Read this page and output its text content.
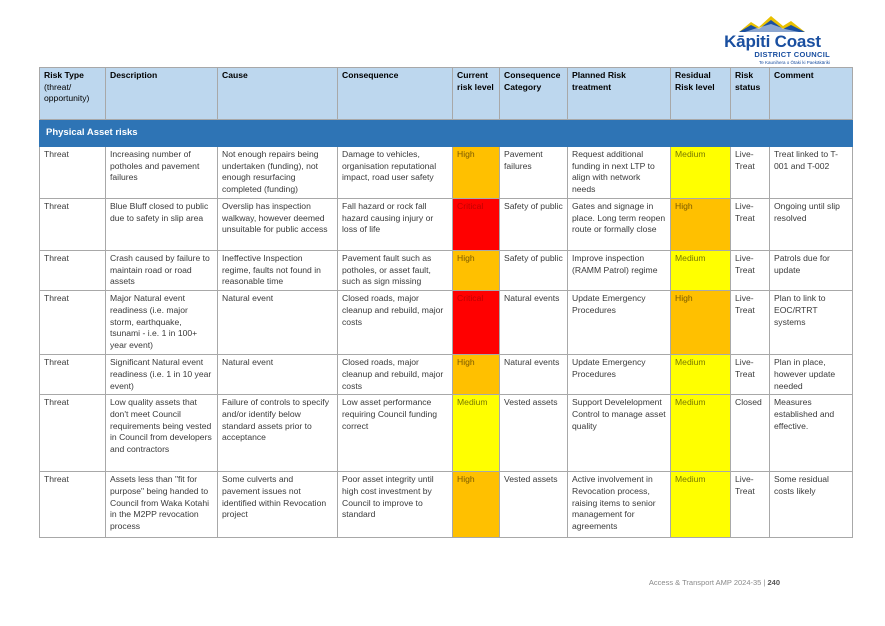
Kāpiti Coast
DISTRICT COUNCIL
Te Kaunihera o Ōtaki ki Paekākāriki
Risk Type
(threat/ opportunity)	Description	Cause	Consequence	Current risk level	Consequence Category	Planned Risk treatment	Residual Risk level	Risk status	Comment
Physical Asset risks									
Threat	Increasing number of potholes and pavement failures	Not enough repairs being undertaken (funding), not enough resurfacing completed (funding)	Damage to vehicles, organisation reputational impact, road user safety	High	Pavement failures	Request additional funding in next LTP to align with network needs	Medium	Live-Treat	Treat linked to T-001 and T-002
Threat	Blue Bluff closed to public due to safety in slip area	Overslip has inspection walkway, however deemed unsuitable for public access	Fall hazard or rock fall hazard causing injury or loss of life	Critical	Safety of public	Gates and signage in place. Long term reopen route or formally close	High	Live-Treat	Ongoing until slip resolved
Threat	Crash caused by failure to maintain road or road assets	Ineffective Inspection regime, faults not found in reasonable time	Pavement fault such as potholes, or asset fault, such as sign missing	High	Safety of public	Improve inspection (RAMM Patrol) regime	Medium	Live-Treat	Patrols due for update
Threat	Major Natural event readiness (i.e. major storm, earthquake, tsunami - i.e. 1 in 100+ year event)	Natural event	Closed roads, major cleanup and rebuild, major costs	Critical	Natural events	Update Emergency Procedures	High	Live-Treat	Plan to link to EOC/RTRT systems
Threat	Significant Natural event readiness (i.e. 1 in 10 year event)	Natural event	Closed roads, major cleanup and rebuild, major costs	High	Natural events	Update Emergency Procedures	Medium	Live-Treat	Plan in place, however update needed
Threat	Low quality assets that don't meet Council requirements being vested in Council from developers and contractors	Failure of controls to specify and/or identify below standard assets prior to acceptance	Low asset performance requiring Council funding correct	Medium	Vested assets	Support Develelopment Control to manage asset quality	Medium	Closed	Measures established and effective.
Threat	Assets less than "fit for purpose" being handed to Council from Waka Kotahi in the M2PP revocation process	Some culverts and pavement issues not identified within Revocation project	Poor asset integrity until high cost investment by Council to improve to standard	High	Vested assets	Active involvement in Revocation process, raising items to senior management for agreements	Medium	Live-Treat	Some residual costs likely
Access & Transport AMP 2024-35 | 240
